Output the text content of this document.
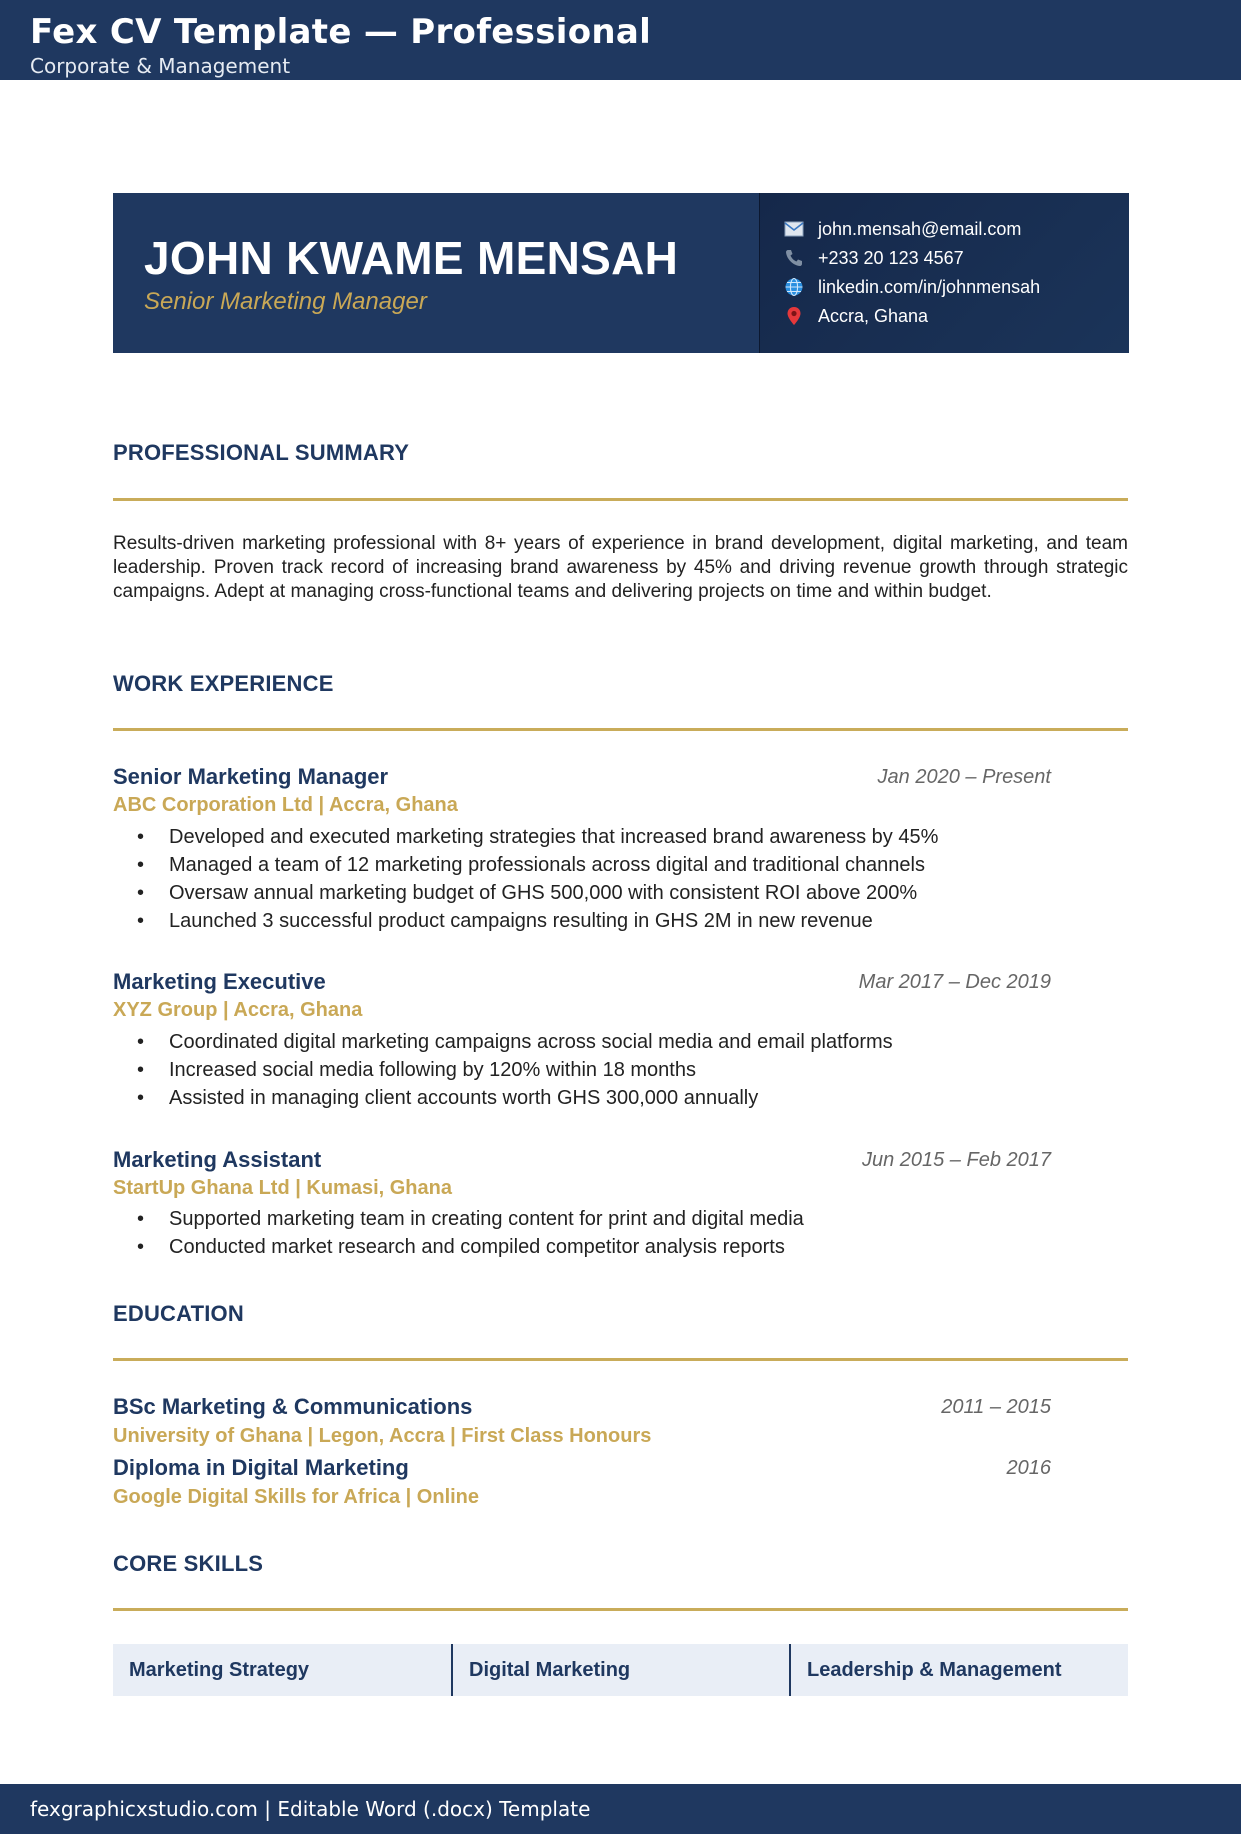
Fex CV Template — Professional
Corporate & Management
JOHN KWAME MENSAH
Senior Marketing Manager
john.mensah@email.com
+233 20 123 4567
linkedin.com/in/johnmensah
Accra, Ghana
PROFESSIONAL SUMMARY
Results-driven marketing professional with 8+ years of experience in brand development, digital marketing, and team leadership. Proven track record of increasing brand awareness by 45% and driving revenue growth through strategic campaigns. Adept at managing cross-functional teams and delivering projects on time and within budget.
WORK EXPERIENCE
Senior Marketing Manager	Jan 2020 – Present
ABC Corporation Ltd | Accra, Ghana
• Developed and executed marketing strategies that increased brand awareness by 45%
• Managed a team of 12 marketing professionals across digital and traditional channels
• Oversaw annual marketing budget of GHS 500,000 with consistent ROI above 200%
• Launched 3 successful product campaigns resulting in GHS 2M in new revenue
Marketing Executive	Mar 2017 – Dec 2019
XYZ Group | Accra, Ghana
• Coordinated digital marketing campaigns across social media and email platforms
• Increased social media following by 120% within 18 months
• Assisted in managing client accounts worth GHS 300,000 annually
Marketing Assistant	Jun 2015 – Feb 2017
StartUp Ghana Ltd | Kumasi, Ghana
• Supported marketing team in creating content for print and digital media
• Conducted market research and compiled competitor analysis reports
EDUCATION
BSc Marketing & Communications	2011 – 2015
University of Ghana | Legon, Accra | First Class Honours
Diploma in Digital Marketing	2016
Google Digital Skills for Africa | Online
CORE SKILLS
Marketing Strategy	Digital Marketing	Leadership & Management
fexgraphicxstudio.com | Editable Word (.docx) Template
